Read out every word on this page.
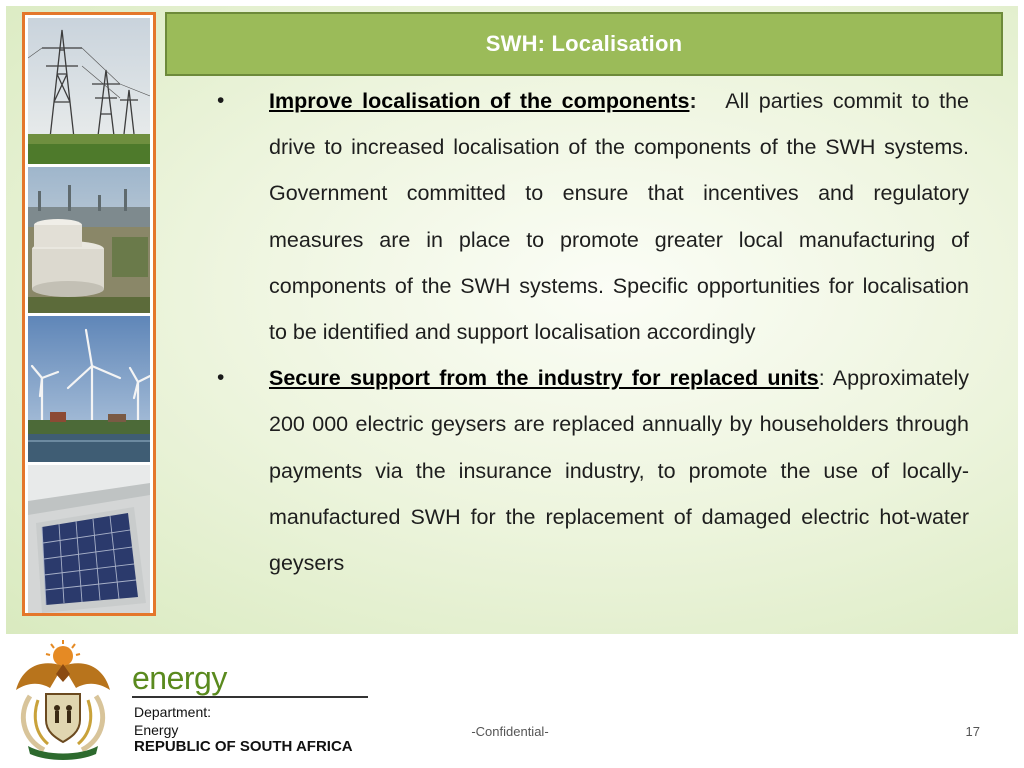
SWH: Localisation
• Improve localisation of the components: All parties commit to the drive to increased localisation of the components of the SWH systems. Government committed to ensure that incentives and regulatory measures are in place to promote greater local manufacturing of components of the SWH systems. Specific opportunities for localisation to be identified and support localisation accordingly

• Secure support from the industry for replaced units: Approximately 200 000 electric geysers are replaced annually by householders through payments via the insurance industry, to promote the use of locally-manufactured SWH for the replacement of damaged electric hot-water geysers

energy
Department:
Energy
REPUBLIC OF SOUTH AFRICA
-Confidential-	17
